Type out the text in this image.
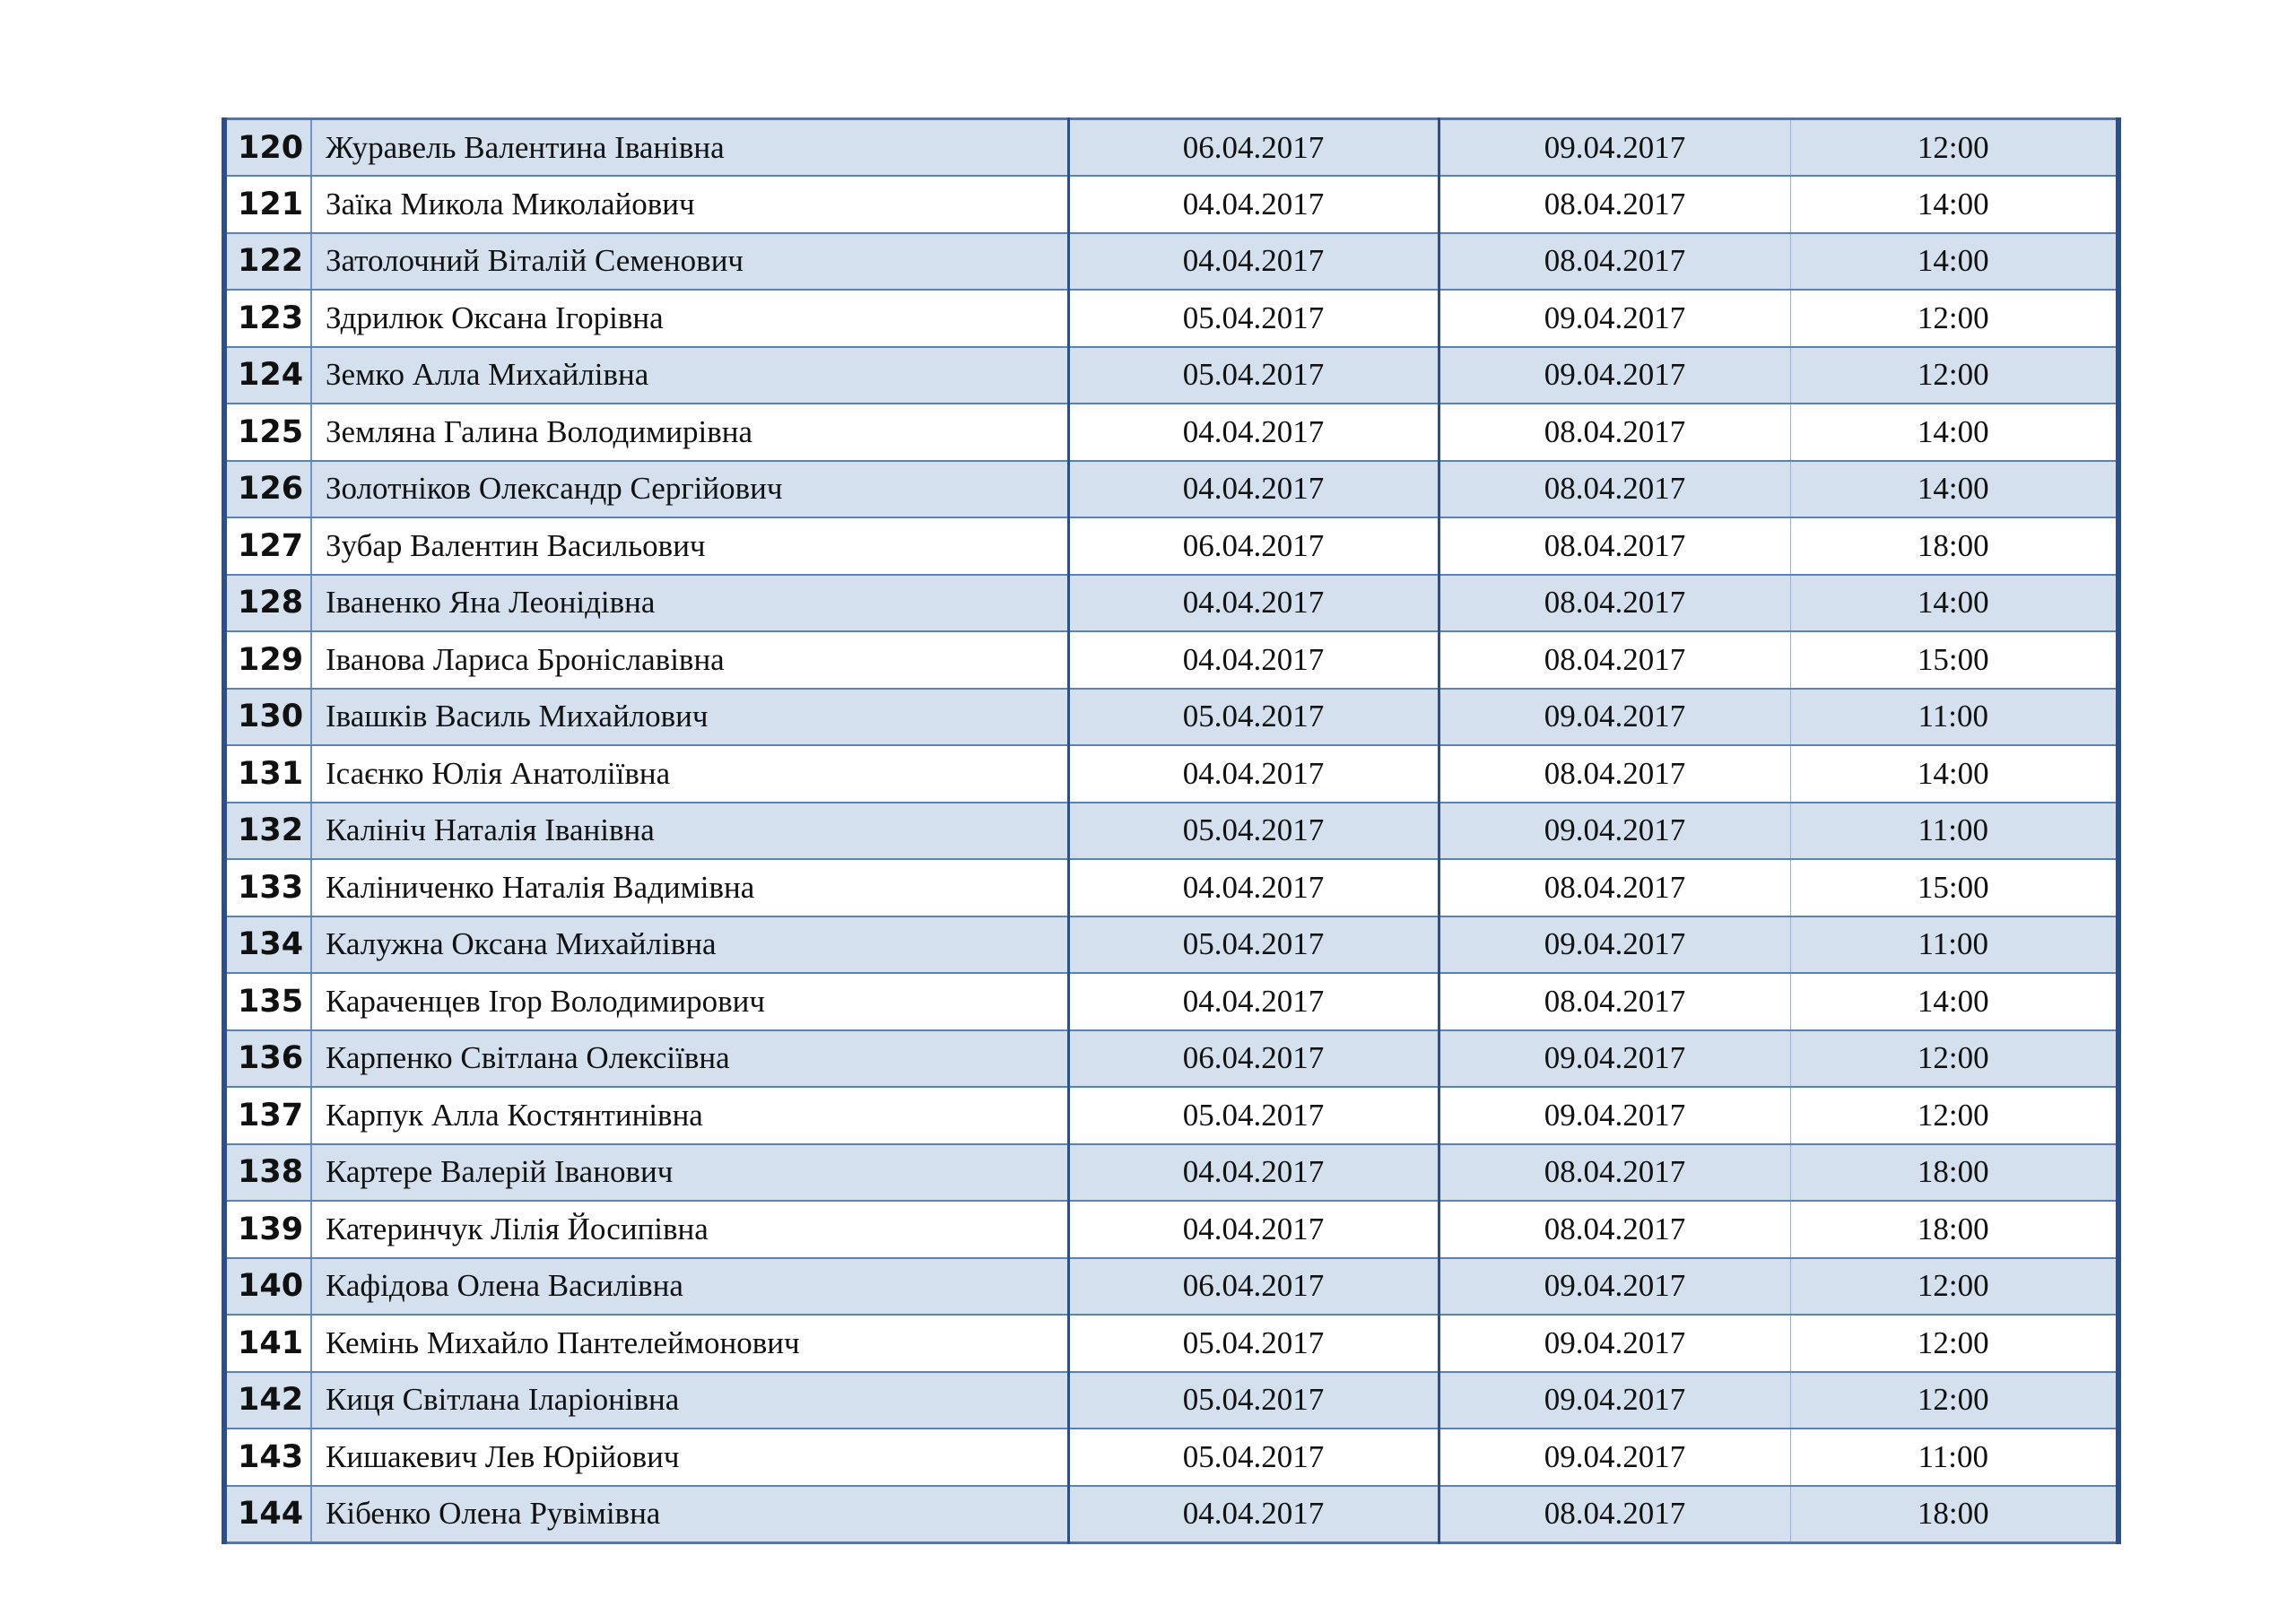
120	Журавель Валентина Іванівна	06.04.2017	09.04.2017	12:00
121	Заїка Микола Миколайович	04.04.2017	08.04.2017	14:00
122	Затолочний Віталій Семенович	04.04.2017	08.04.2017	14:00
123	Здрилюк Оксана Ігорівна	05.04.2017	09.04.2017	12:00
124	Земко Алла Михайлівна	05.04.2017	09.04.2017	12:00
125	Земляна Галина Володимирівна	04.04.2017	08.04.2017	14:00
126	Золотніков Олександр Сергійович	04.04.2017	08.04.2017	14:00
127	Зубар Валентин Васильович	06.04.2017	08.04.2017	18:00
128	Іваненко Яна Леонідівна	04.04.2017	08.04.2017	14:00
129	Іванова Лариса Броніславівна	04.04.2017	08.04.2017	15:00
130	Івашків Василь Михайлович	05.04.2017	09.04.2017	11:00
131	Ісаєнко Юлія Анатоліївна	04.04.2017	08.04.2017	14:00
132	Калініч Наталія Іванівна	05.04.2017	09.04.2017	11:00
133	Каліниченко Наталія Вадимівна	04.04.2017	08.04.2017	15:00
134	Калужна Оксана Михайлівна	05.04.2017	09.04.2017	11:00
135	Караченцев Ігор Володимирович	04.04.2017	08.04.2017	14:00
136	Карпенко Світлана Олексіївна	06.04.2017	09.04.2017	12:00
137	Карпук Алла Костянтинівна	05.04.2017	09.04.2017	12:00
138	Картере Валерій Іванович	04.04.2017	08.04.2017	18:00
139	Катеринчук Лілія Йосипівна	04.04.2017	08.04.2017	18:00
140	Кафідова Олена Василівна	06.04.2017	09.04.2017	12:00
141	Кемінь Михайло Пантелеймонович	05.04.2017	09.04.2017	12:00
142	Киця Світлана Іларіонівна	05.04.2017	09.04.2017	12:00
143	Кишакевич Лев Юрійович	05.04.2017	09.04.2017	11:00
144	Кібенко Олена Рувімівна	04.04.2017	08.04.2017	18:00
